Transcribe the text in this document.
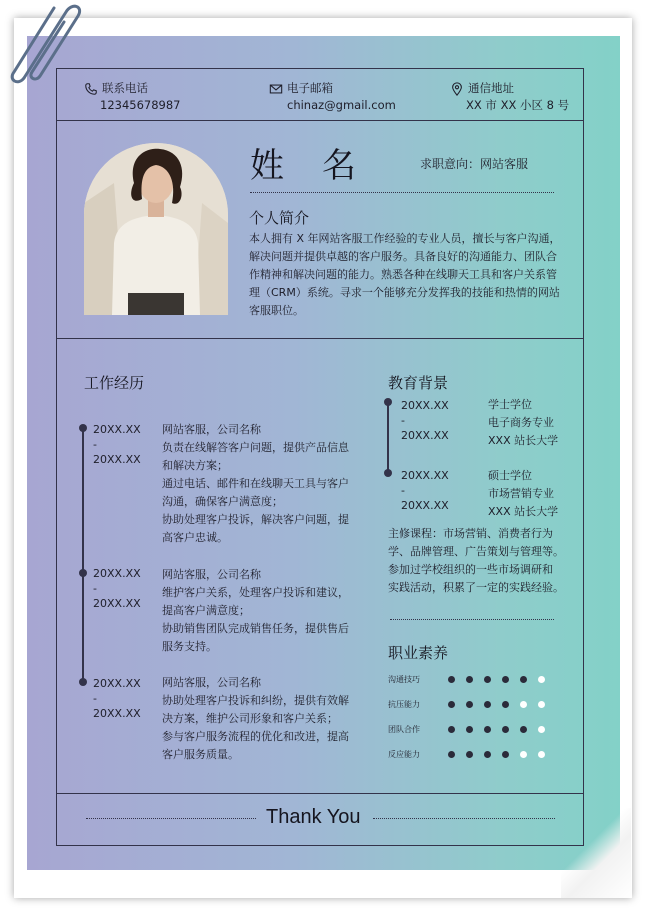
联系电话
12345678987
电子邮箱
chinaz@gmail.com
通信地址
XX 市 XX 小区 8 号
姓名 求职意向：网站客服
个人简介
本人拥有 X 年网站客服工作经验的专业人员，擅长与客户沟通，
解决问题并提供卓越的客户服务。具备良好的沟通能力、团队合
作精神和解决问题的能力。熟悉各种在线聊天工具和客户关系管
理（CRM）系统。寻求一个能够充分发挥我的技能和热情的网站
客服职位。
工作经历
20XX.XX
-
20XX.XX
网站客服，公司名称
负责在线解答客户问题，提供产品信息
和解决方案；
通过电话、邮件和在线聊天工具与客户
沟通，确保客户满意度；
协助处理客户投诉，解决客户问题，提
高客户忠诚。
20XX.XX
-
20XX.XX
网站客服，公司名称
维护客户关系，处理客户投诉和建议，
提高客户满意度；
协助销售团队完成销售任务，提供售后
服务支持。
20XX.XX
-
20XX.XX
网站客服，公司名称
协助处理客户投诉和纠纷，提供有效解
决方案，维护公司形象和客户关系；
参与客户服务流程的优化和改进，提高
客户服务质量。
教育背景
20XX.XX
-
20XX.XX
学士学位
电子商务专业
XXX 站长大学
20XX.XX
-
20XX.XX
硕士学位
市场营销专业
XXX 站长大学
主修课程：市场营销、消费者行为
学、品牌管理、广告策划与管理等。
参加过学校组织的一些市场调研和
实践活动，积累了一定的实践经验。
职业素养
沟通技巧
抗压能力
团队合作
反应能力
Thank You
